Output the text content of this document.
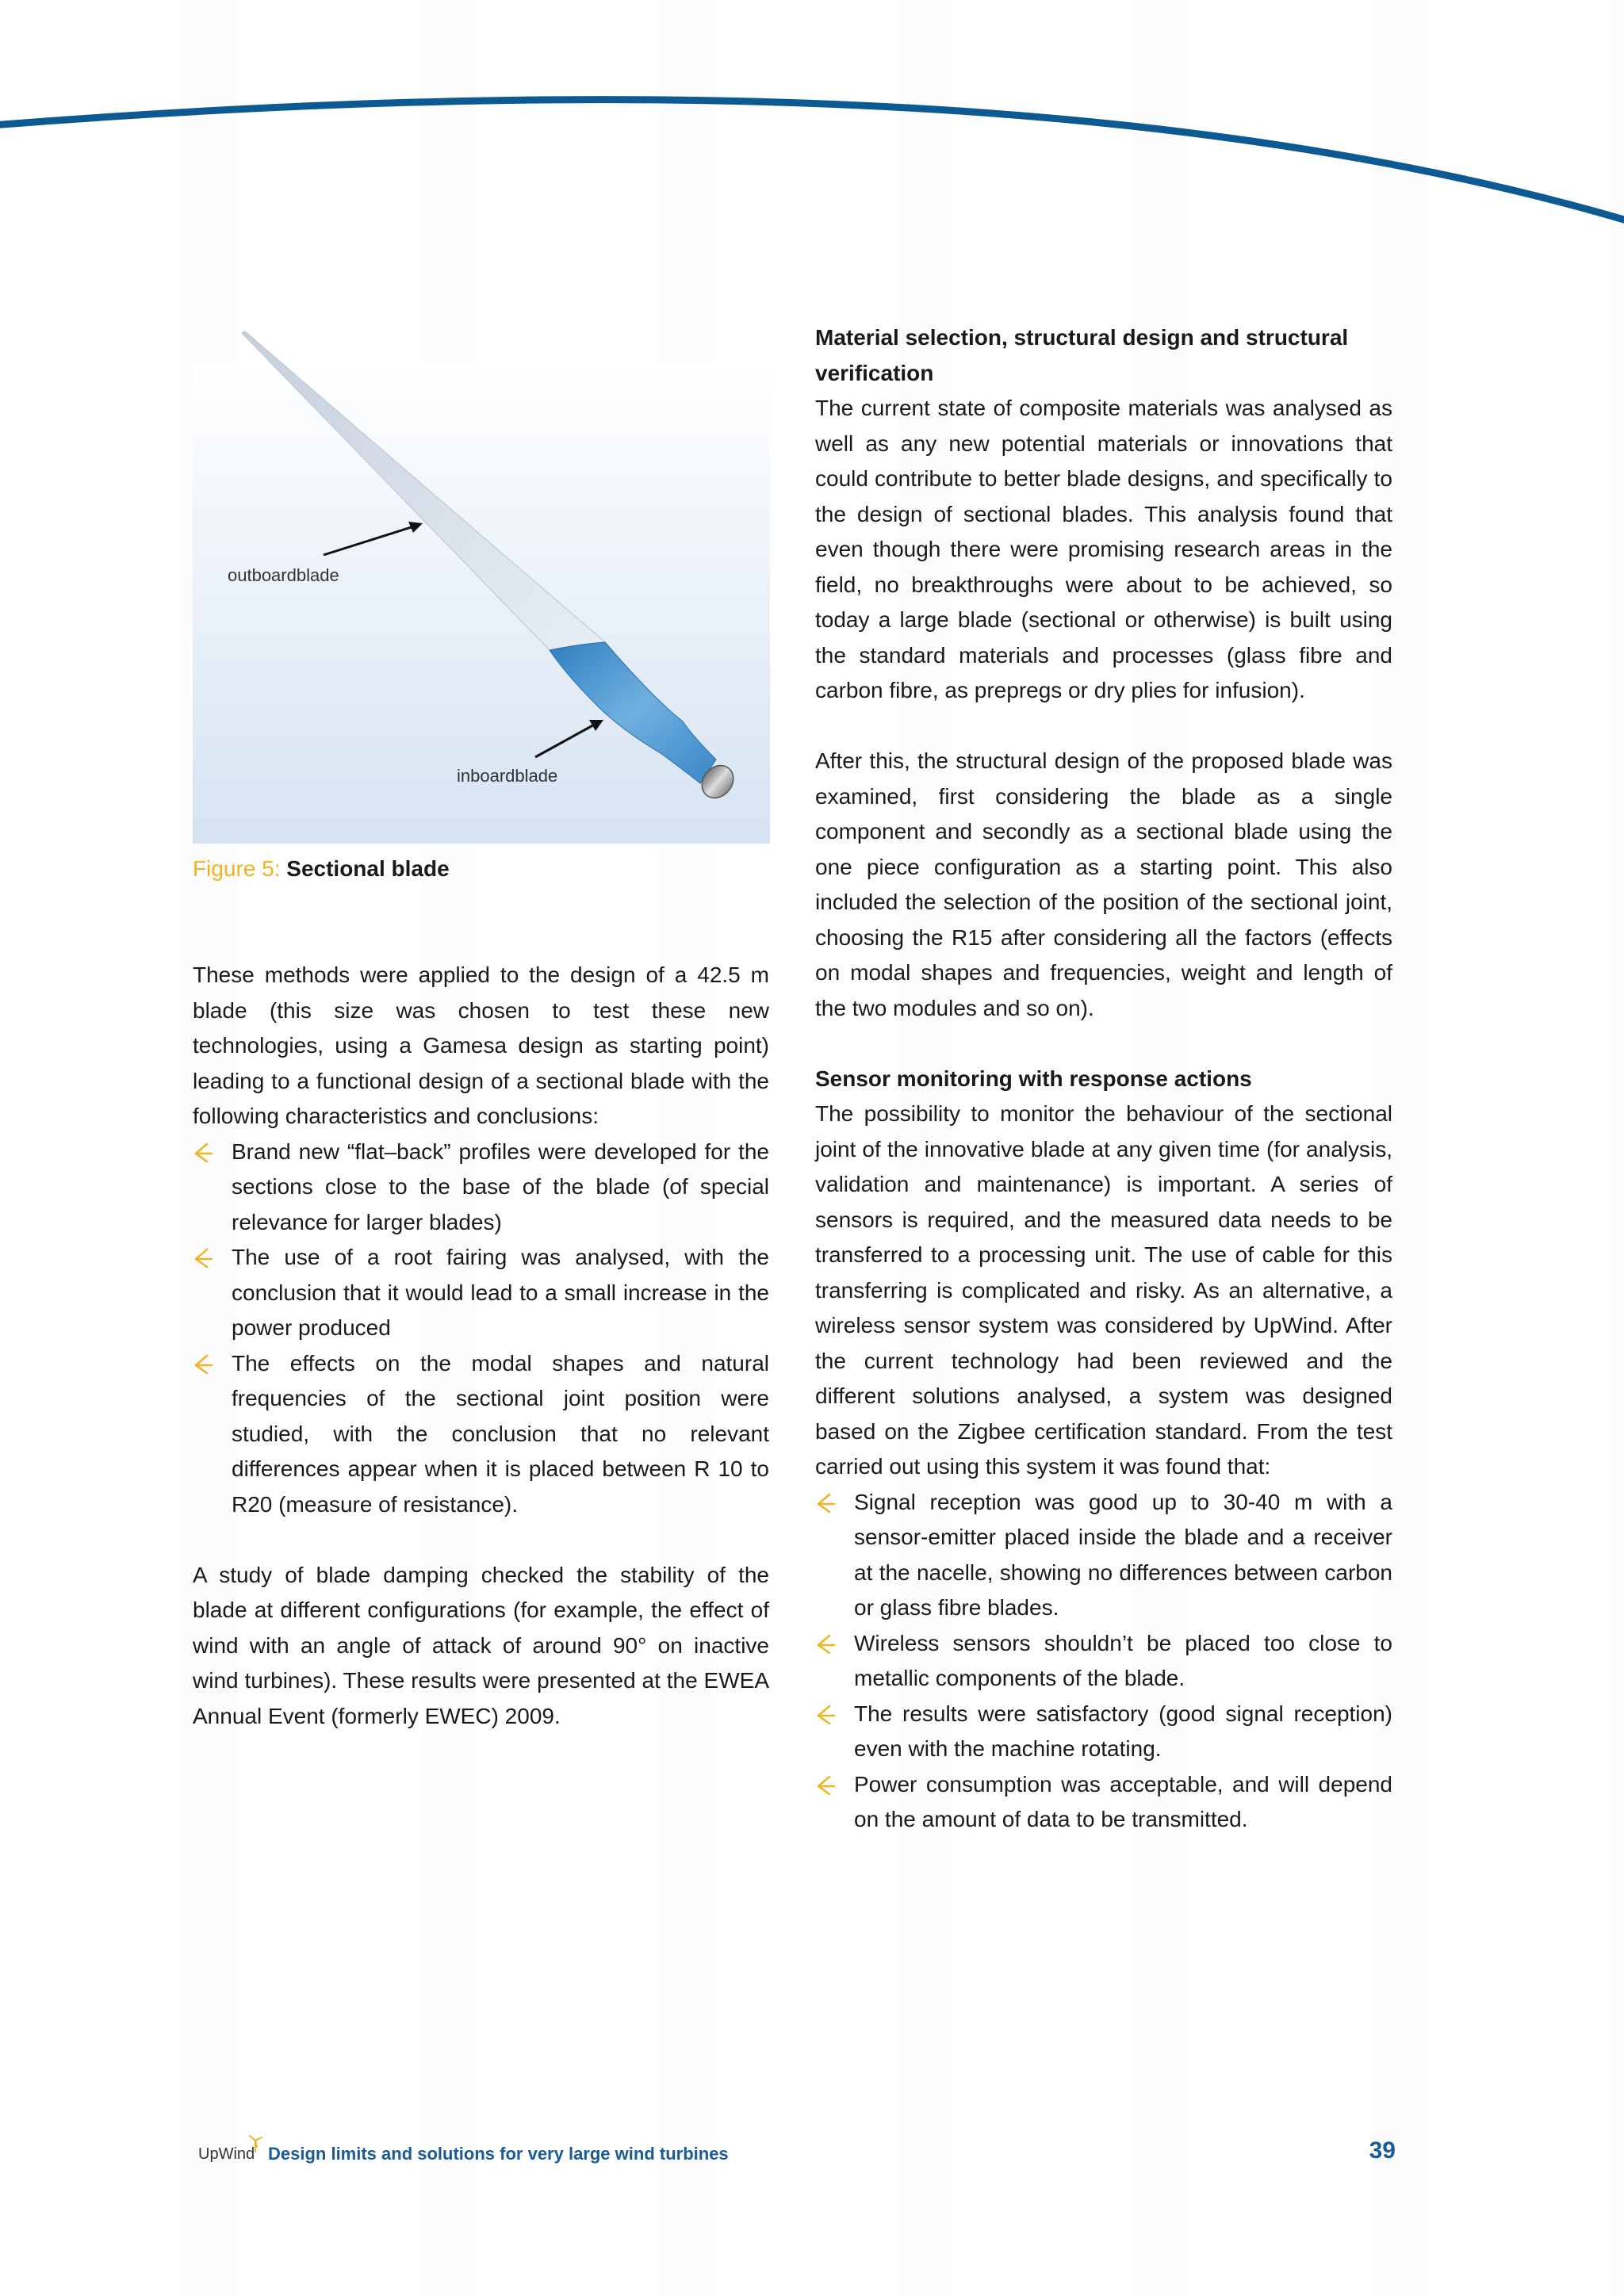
outboardblade
inboardblade
Figure 5: Sectional blade

These methods were applied to the design of a 42.5 m blade (this size was chosen to test these new technologies, using a Gamesa design as starting point) leading to a functional design of a sectional blade with the following characteristics and conclusions:

Brand new “flat–back” profiles were developed for the sections close to the base of the blade (of special relevance for larger blades)
The use of a root fairing was analysed, with the conclusion that it would lead to a small increase in the power produced
The effects on the modal shapes and natural frequencies of the sectional joint position were studied, with the conclusion that no relevant differences appear when it is placed between R 10 to R20 (measure of resistance).

A study of blade damping checked the stability of the blade at different configurations (for example, the effect of wind with an angle of attack of around 90° on inactive wind turbines). These results were presented at the EWEA Annual Event (formerly EWEC) 2009.

Material selection, structural design and structural verification

The current state of composite materials was analysed as well as any new potential materials or innovations that could contribute to better blade designs, and specifically to the design of sectional blades. This analysis found that even though there were promising research areas in the field, no breakthroughs were about to be achieved, so today a large blade (sectional or otherwise) is built using the standard materials and processes (glass fibre and carbon fibre, as prepregs or dry plies for infusion).

After this, the structural design of the proposed blade was examined, first considering the blade as a single component and secondly as a sectional blade using the one piece configuration as a starting point. This also included the selection of the position of the sectional joint, choosing the R15 after considering all the factors (effects on modal shapes and frequencies, weight and length of the two modules and so on).

Sensor monitoring with response actions

The possibility to monitor the behaviour of the sectional joint of the innovative blade at any given time (for analysis, validation and maintenance) is important. A series of sensors is required, and the measured data needs to be transferred to a processing unit. The use of cable for this transferring is complicated and risky. As an alternative, a wireless sensor system was considered by UpWind. After the current technology had been reviewed and the different solutions analysed, a system was designed based on the Zigbee certification standard. From the test carried out using this system it was found that:

Signal reception was good up to 30-40 m with a sensor-emitter placed inside the blade and a receiver at the nacelle, showing no differences between carbon or glass fibre blades.
Wireless sensors shouldn’t be placed too close to metallic components of the blade.
The results were satisfactory (good signal reception) even with the machine rotating.
Power consumption was acceptable, and will depend on the amount of data to be transmitted.
UpWind Design limits and solutions for very large wind turbines	39
